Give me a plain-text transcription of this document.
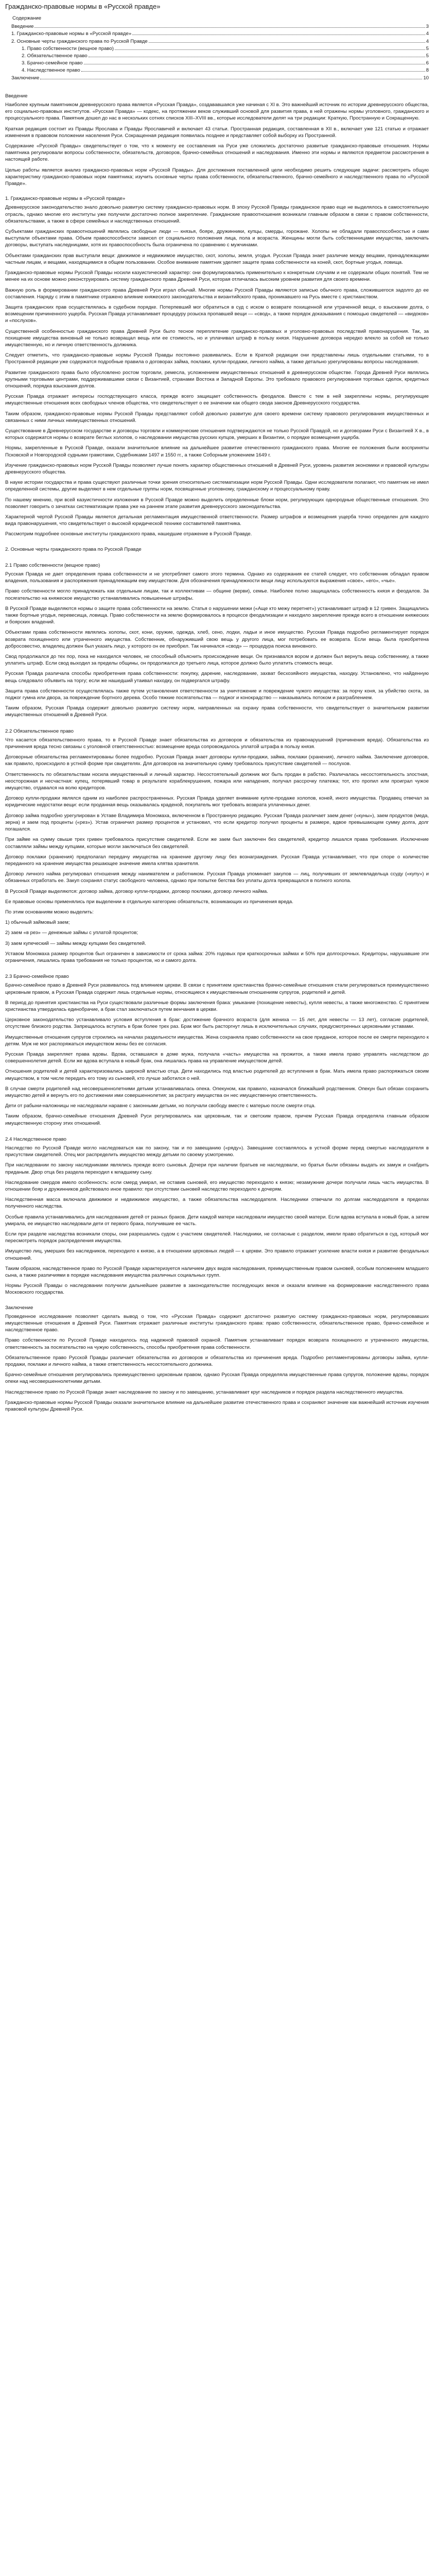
Гражданско-правовые нормы в «Русской правде»
Содержание
Введение	3
1. Гражданско-правовые нормы в «Русской правде»	4
2. Основные черты гражданского права по Русской Правде	4
1. Право собственности (вещное право)	5
2. Обязательственное право	5
3. Брачно-семейное право	6
4. Наследственное право	8
Заключение	10
Введение

Наиболее крупным памятником древнерусского права является «Русская Правда», создававшаяся уже начиная с XI в. Это важнейший источник по истории древнерусского общества, его социально-правовых институтов. «Русская Правда» — кодекс, на протяжении веков служивший основой для развития права, в ней отражены нормы уголовного, гражданского и процессуального права. Памятник дошел до нас в нескольких сотнях списков XIII–XVIII вв., которые исследователи делят на три редакции: Краткую, Пространную и Сокращенную.

Краткая редакция состоит из Правды Ярослава и Правды Ярославичей и включает 43 статьи. Пространная редакция, составленная в XII в., включает уже 121 статью и отражает изменения в правовом положении населения Руси. Сокращенная редакция появилась позднее и представляет собой выборку из Пространной.

Содержание «Русской Правды» свидетельствует о том, что к моменту ее составления на Руси уже сложились достаточно развитые гражданско-правовые отношения. Нормы памятника регулировали вопросы собственности, обязательств, договоров, брачно-семейных отношений и наследования. Именно эти нормы и являются предметом рассмотрения в настоящей работе.

Целью работы является анализ гражданско-правовых норм «Русской Правды». Для достижения поставленной цели необходимо решить следующие задачи: рассмотреть общую характеристику гражданско-правовых норм памятника; изучить основные черты права собственности, обязательственного, брачно-семейного и наследственного права по «Русской Правде».

1. Гражданско-правовые нормы в «Русской правде»

Древнерусское законодательство знало довольно развитую систему гражданско-правовых норм. В эпоху Русской Правды гражданское право еще не выделялось в самостоятельную отрасль, однако многие его институты уже получили достаточно полное закрепление. Гражданские правоотношения возникали главным образом в связи с правом собственности, обязательствами, а также в сфере семейных и наследственных отношений.

Субъектами гражданских правоотношений являлись свободные люди — князья, бояре, дружинники, купцы, смерды, горожане. Холопы не обладали правоспособностью и сами выступали объектами права. Объем правоспособности зависел от социального положения лица, пола и возраста. Женщины могли быть собственницами имущества, заключать договоры, выступать наследницами, хотя их правоспособность была ограничена по сравнению с мужчинами.

Объектами гражданских прав выступали вещи: движимое и недвижимое имущество, скот, холопы, земля, угодья. Русская Правда знает различие между вещами, принадлежащими частным лицам, и вещами, находящимися в общем пользовании. Особое внимание памятник уделяет защите права собственности на коней, скот, бортные угодья, ловища.

Гражданско-правовые нормы Русской Правды носили казуистический характер: они формулировались применительно к конкретным случаям и не содержали общих понятий. Тем не менее на их основе можно реконструировать систему гражданского права Древней Руси, которая отличалась высоким уровнем развития для своего времени.

Важную роль в формировании гражданского права Древней Руси играл обычай. Многие нормы Русской Правды являются записью обычного права, сложившегося задолго до ее составления. Наряду с этим в памятнике отражено влияние княжеского законодательства и византийского права, проникавшего на Русь вместе с христианством.

Защита гражданских прав осуществлялась в судебном порядке. Потерпевший мог обратиться в суд с иском о возврате похищенной или утраченной вещи, о взыскании долга, о возмещении причиненного ущерба. Русская Правда устанавливает процедуру розыска пропавшей вещи — «свод», а также порядок доказывания с помощью свидетелей — «видоков» и «послухов».

Существенной особенностью гражданского права Древней Руси было тесное переплетение гражданско-правовых и уголовно-правовых последствий правонарушения. Так, за похищение имущества виновный не только возвращал вещь или ее стоимость, но и уплачивал штраф в пользу князя. Нарушение договора нередко влекло за собой не только имущественную, но и личную ответственность должника.

Следует отметить, что гражданско-правовые нормы Русской Правды постоянно развивались. Если в Краткой редакции они представлены лишь отдельными статьями, то в Пространной редакции уже содержатся подробные правила о договорах займа, поклажи, купли-продажи, личного найма, а также детально урегулированы вопросы наследования.

Развитие гражданского права было обусловлено ростом торговли, ремесла, усложнением имущественных отношений в древнерусском обществе. Города Древней Руси являлись крупными торговыми центрами, поддерживавшими связи с Византией, странами Востока и Западной Европы. Это требовало правового регулирования торговых сделок, кредитных отношений, порядка взыскания долгов.

Русская Правда отражает интересы господствующего класса, прежде всего защищает собственность феодалов. Вместе с тем в ней закреплены нормы, регулирующие имущественные отношения всех свободных членов общества, что свидетельствует о ее значении как общего свода законов Древнерусского государства.

Таким образом, гражданско-правовые нормы Русской Правды представляют собой довольно развитую для своего времени систему правового регулирования имущественных и связанных с ними личных неимущественных отношений.

Существование в Древнерусском государстве и договоры торговли и коммерческие отношения подтверждаются не только Русской Правдой, но и договорами Руси с Византией X в., в которых содержатся нормы о возврате беглых холопов, о наследовании имущества русских купцов, умерших в Византии, о порядке возмещения ущерба.

Нормы, закрепленные в Русской Правде, оказали значительное влияние на дальнейшее развитие отечественного гражданского права. Многие ее положения были восприняты Псковской и Новгородской судными грамотами, Судебниками 1497 и 1550 гг., а также Соборным уложением 1649 г.

Изучение гражданско-правовых норм Русской Правды позволяет лучше понять характер общественных отношений в Древней Руси, уровень развития экономики и правовой культуры древнерусского общества.

В науке истории государства и права существуют различные точки зрения относительно систематизации норм Русской Правды. Одни исследователи полагают, что памятник не имел определенной системы, другие выделяют в нем отдельные группы норм, посвященные уголовному, гражданскому и процессуальному праву.

По нашему мнению, при всей казуистичности изложения в Русской Правде можно выделить определенные блоки норм, регулирующих однородные общественные отношения. Это позволяет говорить о зачатках систематизации права уже на раннем этапе развития древнерусского законодательства.

Характерной чертой Русской Правды является детальная регламентация имущественной ответственности. Размер штрафов и возмещения ущерба точно определен для каждого вида правонарушения, что свидетельствует о высокой юридической технике составителей памятника.

Рассмотрим подробнее основные институты гражданского права, нашедшие отражение в Русской Правде.

2. Основные черты гражданского права по Русской Правде
2.1 Право собственности (вещное право)

Русская Правда не дает определения права собственности и не употребляет самого этого термина. Однако из содержания ее статей следует, что собственник обладал правом владения, пользования и распоряжения принадлежащим ему имуществом. Для обозначения принадлежности вещи лицу используются выражения «свое», «его», «чье».

Право собственности могло принадлежать как отдельным лицам, так и коллективам — общине (верви), семье. Наиболее полно защищалась собственность князя и феодалов. За посягательство на княжеское имущество устанавливались повышенные штрафы.

В Русской Правде выделяются нормы о защите права собственности на землю. Статья о нарушении межи («Аще кто межу перетнет») устанавливает штраф в 12 гривен. Защищались также бортные угодья, перевесища, ловища. Право собственности на землю формировалось в процессе феодализации и находило закрепление прежде всего в отношении княжеских и боярских владений.

Объектами права собственности являлись холопы, скот, кони, оружие, одежда, хлеб, сено, лодки, ладьи и иное имущество. Русская Правда подробно регламентирует порядок возврата похищенного или утраченного имущества. Собственник, обнаруживший свою вещь у другого лица, мог потребовать ее возврата. Если вещь была приобретена добросовестно, владелец должен был указать лицо, у которого он ее приобрел. Так начинался «свод» — процедура поиска виновного.

Свод продолжался до тех пор, пока не находился человек, не способный объяснить происхождение вещи. Он признавался вором и должен был вернуть вещь собственнику, а также уплатить штраф. Если свод выходил за пределы общины, он продолжался до третьего лица, которое должно было уплатить стоимость вещи.

Русская Правда различала способы приобретения права собственности: покупку, дарение, наследование, захват бесхозяйного имущества, находку. Установлено, что найденную вещь следовало объявить на торгу; если же нашедший утаивал находку, он подвергался штрафу.

Защита права собственности осуществлялась также путем установления ответственности за уничтожение и повреждение чужого имущества: за порчу коня, за убийство скота, за поджог гумна или двора, за повреждение бортного дерева. Особо тяжкие посягательства — поджог и конокрадство — наказывались потоком и разграблением.

Таким образом, Русская Правда содержит довольно развитую систему норм, направленных на охрану права собственности, что свидетельствует о значительном развитии имущественных отношений в Древней Руси.

2.2 Обязательственное право

Что касается обязательственного права, то в Русской Правде знает обязательства из договоров и обязательства из правонарушений (причинения вреда). Обязательства из причинения вреда тесно связаны с уголовной ответственностью: возмещение вреда сопровождалось уплатой штрафа в пользу князя.

Договорные обязательства регламентированы более подробно. Русская Правда знает договоры купли-продажи, займа, поклажи (хранения), личного найма. Заключение договоров, как правило, происходило в устной форме при свидетелях. Для договоров на значительную сумму требовалось присутствие свидетелей — послухов.

Ответственность по обязательствам носила имущественный и личный характер. Несостоятельный должник мог быть продан в рабство. Различалась несостоятельность злостная, неосторожная и несчастная: купец, потерявший товар в результате кораблекрушения, пожара или нападения, получал рассрочку платежа; тот, кто пропил или проиграл чужое имущество, отдавался на волю кредиторов.

Договор купли-продажи являлся одним из наиболее распространенных. Русская Правда уделяет внимание купле-продаже холопов, коней, иного имущества. Продавец отвечал за юридические недостатки вещи: если проданная вещь оказывалась краденой, покупатель мог требовать возврата уплаченных денег.

Договор займа подробно урегулирован в Уставе Владимира Мономаха, включенном в Пространную редакцию. Русская Правда различает заем денег («куны»), заем продуктов (меда, зерна) и заем под проценты («рез»). Устав ограничил размер процентов и установил, что если кредитор получил проценты в размере, вдвое превышающем сумму долга, долг погашался.

При займе на сумму свыше трех гривен требовалось присутствие свидетелей. Если же заем был заключен без свидетелей, кредитор лишался права требования. Исключение составляли займы между купцами, которые могли заключаться без свидетелей.

Договор поклажи (хранения) предполагал передачу имущества на хранение другому лицу без вознаграждения. Русская Правда устанавливает, что при споре о количестве переданного на хранение имущества решающее значение имела клятва хранителя.

Договор личного найма регулировал отношения между нанимателем и работником. Русская Правда упоминает закупов — лиц, получивших от землевладельца ссуду («купу») и обязанных отработать ее. Закуп сохранял статус свободного человека, однако при попытке бегства без уплаты долга превращался в полного холопа.

В Русской Правде выделяются: договор займа, договор купли-продажи, договор поклажи, договор личного найма.

Ее правовые основы применялись при выделении в отдельную категорию обязательств, возникающих из причинения вреда.

По этим основаниям можно выделить:

1) обычный займовый заем;

2) заем «в рез» — денежные займы с уплатой процентов;

3) заем купеческий — займы между купцами без свидетелей.

Уставом Мономаха размер процентов был ограничен в зависимости от срока займа: 20% годовых при краткосрочных займах и 50% при долгосрочных. Кредиторы, нарушавшие эти ограничения, лишались права требования не только процентов, но и самого долга.

2.3 Брачно-семейное право

Брачно-семейное право в Древней Руси развивалось под влиянием церкви. В связи с принятием христианства брачно-семейные отношения стали регулироваться преимущественно церковным правом, а Русская Правда содержит лишь отдельные нормы, относящиеся к имущественным отношениям супругов, родителей и детей.

В период до принятия христианства на Руси существовали различные формы заключения брака: умыкание (похищение невесты), купля невесты, а также многоженство. С принятием христианства утвердилась единобрачие, а брак стал заключаться путем венчания в церкви.

Церковное законодательство устанавливало условия вступления в брак: достижение брачного возраста (для жениха — 15 лет, для невесты — 13 лет), согласие родителей, отсутствие близкого родства. Запрещалось вступать в брак более трех раз. Брак мог быть расторгнут лишь в исключительных случаях, предусмотренных церковными уставами.

Имущественные отношения супругов строились на началах раздельности имущества. Жена сохраняла право собственности на свое приданое, которое после ее смерти переходило к детям. Муж не мог распоряжаться имуществом жены без ее согласия.

Русская Правда закрепляет права вдовы. Вдова, оставшаяся в доме мужа, получала «часть» имущества на прожиток, а также имела право управлять наследством до совершеннолетия детей. Если же вдова вступала в новый брак, она лишалась права на управление имуществом детей.

Отношения родителей и детей характеризовались широкой властью отца. Дети находились под властью родителей до вступления в брак. Мать имела право распоряжаться своим имуществом, в том числе передать его тому из сыновей, кто лучше заботился о ней.

В случае смерти родителей над несовершеннолетними детьми устанавливалась опека. Опекуном, как правило, назначался ближайший родственник. Опекун был обязан сохранить имущество детей и вернуть его по достижении ими совершеннолетия; за растрату имущества он нес имущественную ответственность.

Дети от рабыни-наложницы не наследовали наравне с законными детьми, но получали свободу вместе с матерью после смерти отца.

Таким образом, брачно-семейные отношения Древней Руси регулировались как церковным, так и светским правом, причем Русская Правда определяла главным образом имущественную сторону этих отношений.

2.4 Наследственное право

Наследство по Русской Правде могло наследоваться как по закону, так и по завещанию («ряду»). Завещание составлялось в устной форме перед смертью наследодателя в присутствии свидетелей. Отец мог распределить имущество между детьми по своему усмотрению.

При наследовании по закону наследниками являлись прежде всего сыновья. Дочери при наличии братьев не наследовали, но братья были обязаны выдать их замуж и снабдить приданым. Двор отца без раздела переходил к младшему сыну.

Наследование смердов имело особенность: если смерд умирал, не оставив сыновей, его имущество переходило к князю; незамужние дочери получали лишь часть имущества. В отношении бояр и дружинников действовало иное правило: при отсутствии сыновей наследство переходило к дочерям.

Наследственная масса включала движимое и недвижимое имущество, а также обязательства наследодателя. Наследники отвечали по долгам наследодателя в пределах полученного наследства.

Особые правила устанавливались для наследования детей от разных браков. Дети каждой матери наследовали имущество своей матери. Если вдова вступала в новый брак, а затем умирала, ее имущество наследовали дети от первого брака, получившие ее часть.

Если при разделе наследства возникали споры, они разрешались судом с участием свидетелей. Наследники, не согласные с разделом, имели право обратиться в суд, который мог пересмотреть порядок распределения имущества.

Имущество лиц, умерших без наследников, переходило к князю, а в отношении церковных людей — к церкви. Это правило отражает усиление власти князя и развитие феодальных отношений.

Таким образом, наследственное право по Русской Правде характеризуется наличием двух видов наследования, преимущественным правом сыновей, особым положением младшего сына, а также различиями в порядке наследования имущества различных социальных групп.

Нормы Русской Правды о наследовании получили дальнейшее развитие в законодательстве последующих веков и оказали влияние на формирование наследственного права Московского государства.

Заключение

Проведенное исследование позволяет сделать вывод о том, что «Русская Правда» содержит достаточно развитую систему гражданско-правовых норм, регулировавших имущественные отношения в Древней Руси. Памятник отражает различные институты гражданского права: право собственности, обязательственное право, брачно-семейное и наследственное право.

Право собственности по Русской Правде находилось под надежной правовой охраной. Памятник устанавливает порядок возврата похищенного и утраченного имущества, ответственность за посягательство на чужую собственность, способы приобретения права собственности.

Обязательственное право Русской Правды различает обязательства из договоров и обязательства из причинения вреда. Подробно регламентированы договоры займа, купли-продажи, поклажи и личного найма, а также ответственность несостоятельного должника.

Брачно-семейные отношения регулировались преимущественно церковным правом, однако Русская Правда определяла имущественные права супругов, положение вдовы, порядок опеки над несовершеннолетними детьми.

Наследственное право по Русской Правде знает наследование по закону и по завещанию, устанавливает круг наследников и порядок раздела наследственного имущества.

Гражданско-правовые нормы Русской Правды оказали значительное влияние на дальнейшее развитие отечественного права и сохраняют значение как важнейший источник изучения правовой культуры Древней Руси.
